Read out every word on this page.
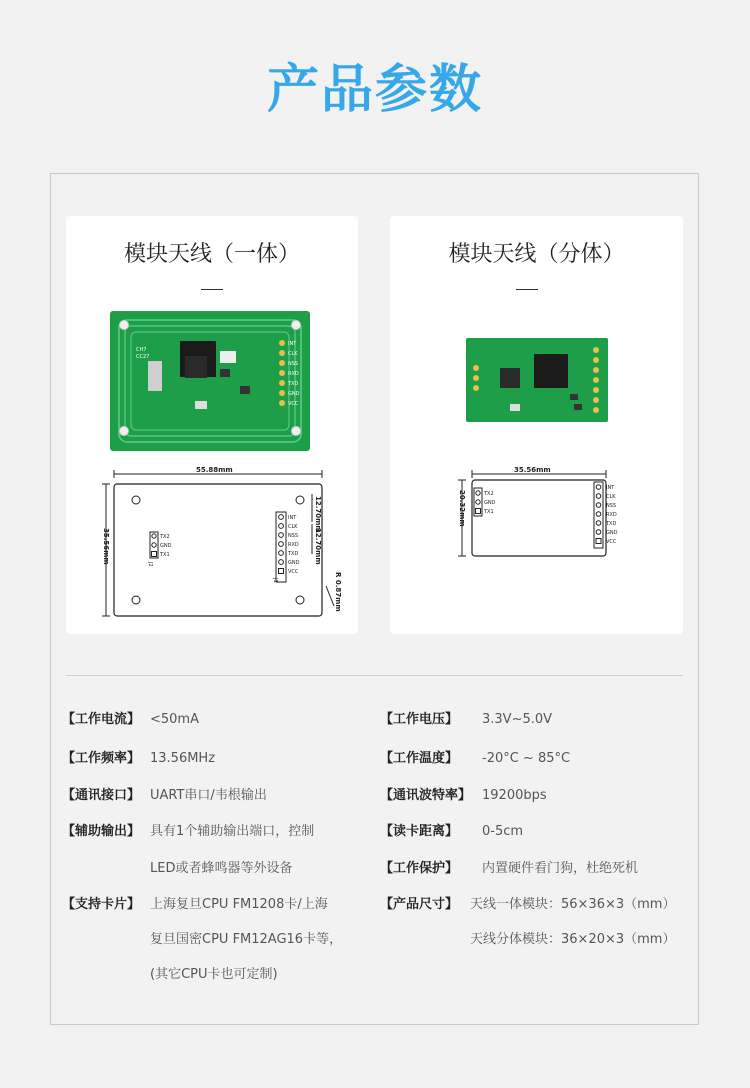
产品参数
模块天线（一体）
CH7
CC27
INT
CLK
NSS
RXD
TXD
GND
VCC
55.88mm
35.56mm
12.70mm
12.70mm
R 0.87mm
TX2
GND
TX1
INT
CLK
NSS
RXD
TXD
GND
VCC
J2
J1
模块天线（分体）
35.56mm
20.32mm	TX2
GND
TX1
INT
CLK
NSS
RXD
TXD
GND
VCC
【工作电流】 <50mA
【工作频率】 13.56MHz
【通讯接口】 UART串口/韦根输出
【辅助输出】 具有1个辅助输出端口，控制
LED或者蜂鸣器等外设备
【支持卡片】 上海复旦CPU FM1208卡/上海
复旦国密CPU FM12AG16卡等，
(其它CPU卡也可定制)
【工作电压】 3.3V~5.0V
【工作温度】 -20°C ~ 85°C
【通讯波特率】 19200bps
【读卡距离】 0-5cm
【工作保护】 内置硬件看门狗，杜绝死机
【产品尺寸】 天线一体模块：56×36×3（mm）
天线分体模块：36×20×3（mm）
